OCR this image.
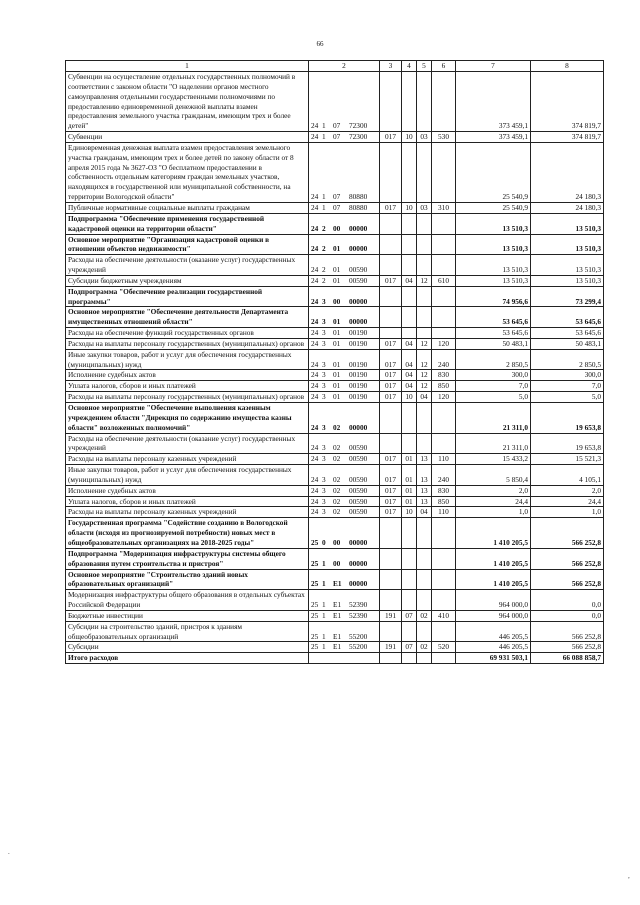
66
1	2	3	4	5	6	7	8
Субвенции на осуществление отдельных государственных полномочий в соответствии с законом области "О наделении органов местного самоуправления отдельными государственными полномочиями по предоставлению единовременной денежной выплаты взамен предоставления земельного участка гражданам, имеющим трех и более детей"	24 1 07 72300					373 459,1	374 819,7
Субвенции	24 1 07 72300	017	10	03	530	373 459,1	374 819,7
Единовременная денежная выплата взамен предоставления земельного участка гражданам, имеющим трех и более детей по закону области от 8 апреля 2015 года № 3627-ОЗ "О бесплатном предоставлении в собственность отдельным категориям граждан земельных участков, находящихся в государственной или муниципальной собственности, на территории Вологодской области"	24 1 07 80880					25 540,9	24 180,3
Публичные нормативные социальные выплаты гражданам	24 1 07 80880	017	10	03	310	25 540,9	24 180,3
Подпрограмма "Обеспечение применения государственной кадастровой оценки на территории области"	24 2 00 00000					13 510,3	13 510,3
Основное мероприятие "Организация кадастровой оценки в отношении объектов недвижимости"	24 2 01 00000					13 510,3	13 510,3
Расходы на обеспечение деятельности (оказание услуг) государственных учреждений	24 2 01 00590					13 510,3	13 510,3
Субсидии бюджетным учреждениям	24 2 01 00590	017	04	12	610	13 510,3	13 510,3
Подпрограмма "Обеспечение реализации государственной программы"	24 3 00 00000					74 956,6	73 299,4
Основное мероприятие "Обеспечение деятельности Департамента имущественных отношений области"	24 3 01 00000					53 645,6	53 645,6
Расходы на обеспечение функций государственных органов	24 3 01 00190					53 645,6	53 645,6
Расходы на выплаты персоналу государственных (муниципальных) органов	24 3 01 00190	017	04	12	120	50 483,1	50 483,1
Иные закупки товаров, работ и услуг для обеспечения государственных (муниципальных) нужд	24 3 01 00190	017	04	12	240	2 850,5	2 850,5
Исполнение судебных актов	24 3 01 00190	017	04	12	830	300,0	300,0
Уплата налогов, сборов и иных платежей	24 3 01 00190	017	04	12	850	7,0	7,0
Расходы на выплаты персоналу государственных (муниципальных) органов	24 3 01 00190	017	10	04	120	5,0	5,0
Основное мероприятие "Обеспечение выполнения казенным учреждением области "Дирекция по содержанию имущества казны области" возложенных полномочий"	24 3 02 00000					21 311,0	19 653,8
Расходы на обеспечение деятельности (оказание услуг) государственных учреждений	24 3 02 00590					21 311,0	19 653,8
Расходы на выплаты персоналу казенных учреждений	24 3 02 00590	017	01	13	110	15 433,2	15 521,3
Иные закупки товаров, работ и услуг для обеспечения государственных (муниципальных) нужд	24 3 02 00590	017	01	13	240	5 850,4	4 105,1
Исполнение судебных актов	24 3 02 00590	017	01	13	830	2,0	2,0
Уплата налогов, сборов и иных платежей	24 3 02 00590	017	01	13	850	24,4	24,4
Расходы на выплаты персоналу казенных учреждений	24 3 02 00590	017	10	04	110	1,0	1,0
Государственная программа "Содействие созданию в Вологодской области (исходя из прогнозируемой потребности) новых мест в общеобразовательных организациях на 2018-2025 годы"	25 0 00 00000					1 410 205,5	566 252,8
Подпрограмма "Модернизация инфраструктуры системы общего образования путем строительства и пристроя"	25 1 00 00000					1 410 205,5	566 252,8
Основное мероприятие "Строительство зданий новых образовательных организаций"	25 1 E1 00000					1 410 205,5	566 252,8
Модернизация инфраструктуры общего образования в отдельных субъектах Российской Федерации	25 1 E1 52390					964 000,0	0,0
Бюджетные инвестиции	25 1 E1 52390	191	07	02	410	964 000,0	0,0
Субсидии на строительство зданий, пристроя к зданиям общеобразовательных организаций	25 1 E1 55200					446 205,5	566 252,8
Субсидии	25 1 E1 55200	191	07	02	520	446 205,5	566 252,8
Итого расходов						69 931 503,1	66 088 858,7
.
,
